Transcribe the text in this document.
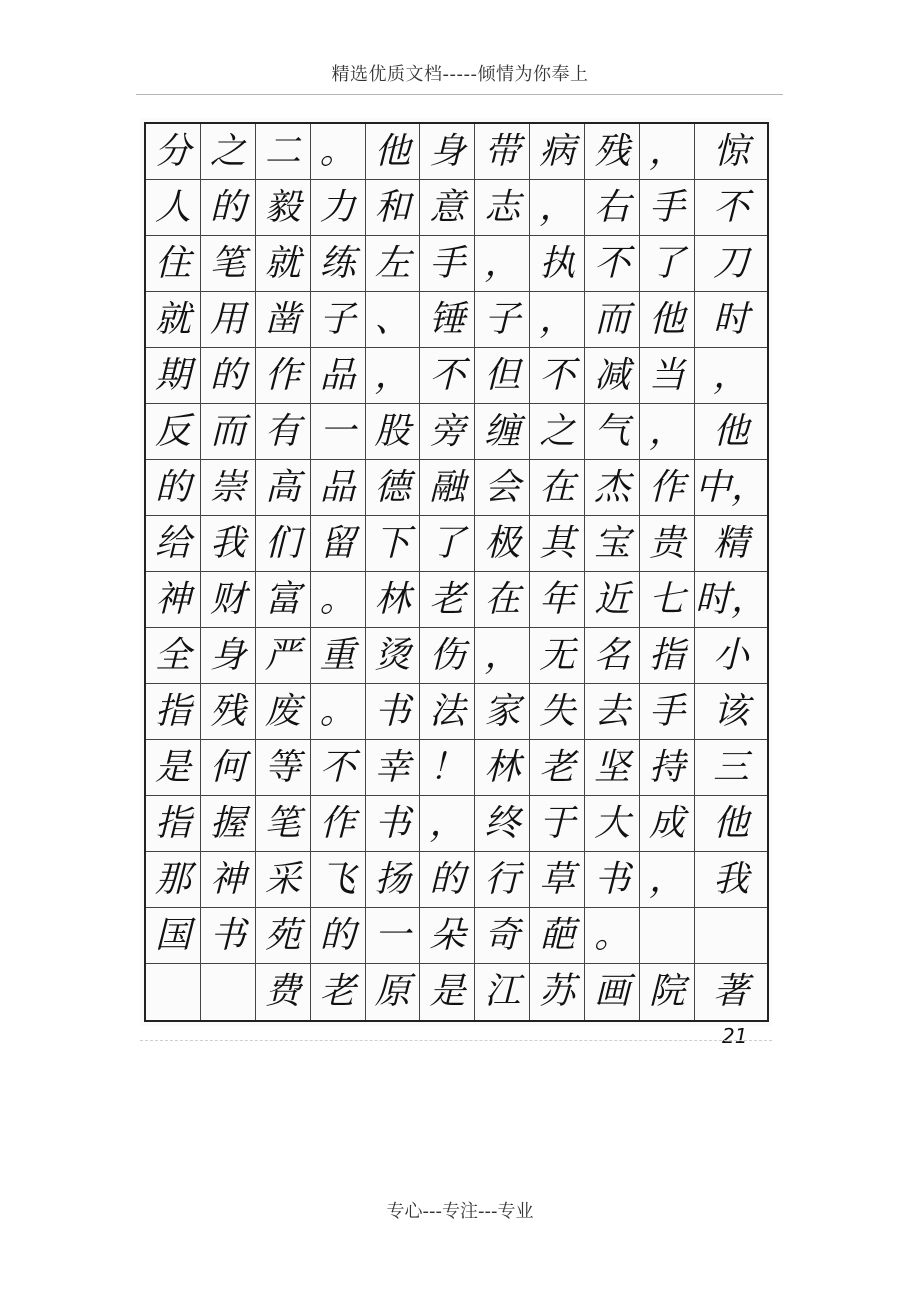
精选优质文档-----倾情为你奉上
分 之 二 。 他 身 带 病 残 ， 惊
人 的 毅 力 和 意 志 ， 右 手 不
住 笔 就 练 左 手 ， 执 不 了 刀
就 用 凿 子 、 锤 子 ， 而 他 时
期 的 作 品 ， 不 但 不 减 当 ，
反 而 有 一 股 旁 缠 之 气 ， 他
的 崇 高 品 德 融 会 在 杰 作 中，
给 我 们 留 下 了 极 其 宝 贵 精
神 财 富 。 林 老 在 年 近 七 时，
全 身 严 重 烫 伤 ， 无 名 指 小
指 残 废 。 书 法 家 失 去 手 该
是 何 等 不 幸 ！ 林 老 坚 持 三
指 握 笔 作 书 ， 终 于 大 成 他
那 神 采 飞 扬 的 行 草 书 ， 我
国 书 苑 的 一 朵 奇 葩 。
费 老 原 是 江 苏 画 院 著
21
专心---专注---专业
